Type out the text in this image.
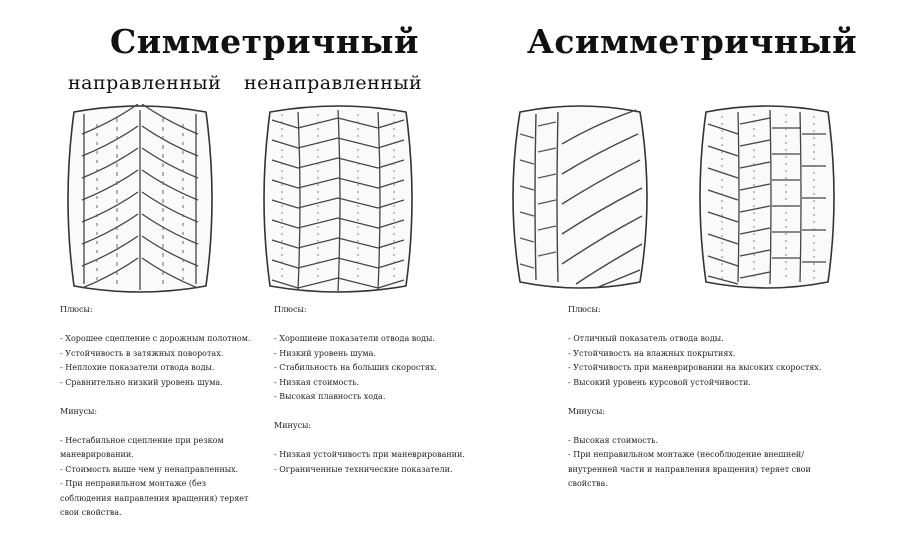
Симметричный	Асимметричный
направленный ненаправленный
Плюсы:
- Хорошее сцепление с дорожным полотном.
- Устойчивость в затяжных поворотах.
- Неплохие показатели отвода воды.
- Сравнительно низкий уровень шума.
Минусы:
- Нестабильное сцепление при резком
маневрировании.
- Стоимость выше чем у ненаправленных.
- При неправильном монтаже (без
соблюдения направления вращения) теряет
свои свойства.
Плюсы:
- Хорошиеие показатели отвода воды.
- Низкий уровень шума.
- Стабильность на больших скоростях.
- Низкая стоимость.
- Высокая плавность хода.
Минусы:
- Низкая устойчивость при маневрировании.
- Ограниченные технические показатели.
Плюсы:
- Отличный показатель отвода воды.
- Устойчивость на влажных покрытиях.
- Устойчивость при маневрировании на высоких скоростях.
- Высокий уровень курсовой устойчивости.
Минусы:
- Высокая стоимость.
- При неправильном монтаже (несоблюдение внешней/
внутренней части и направления вращения) теряет свои
свойства.
